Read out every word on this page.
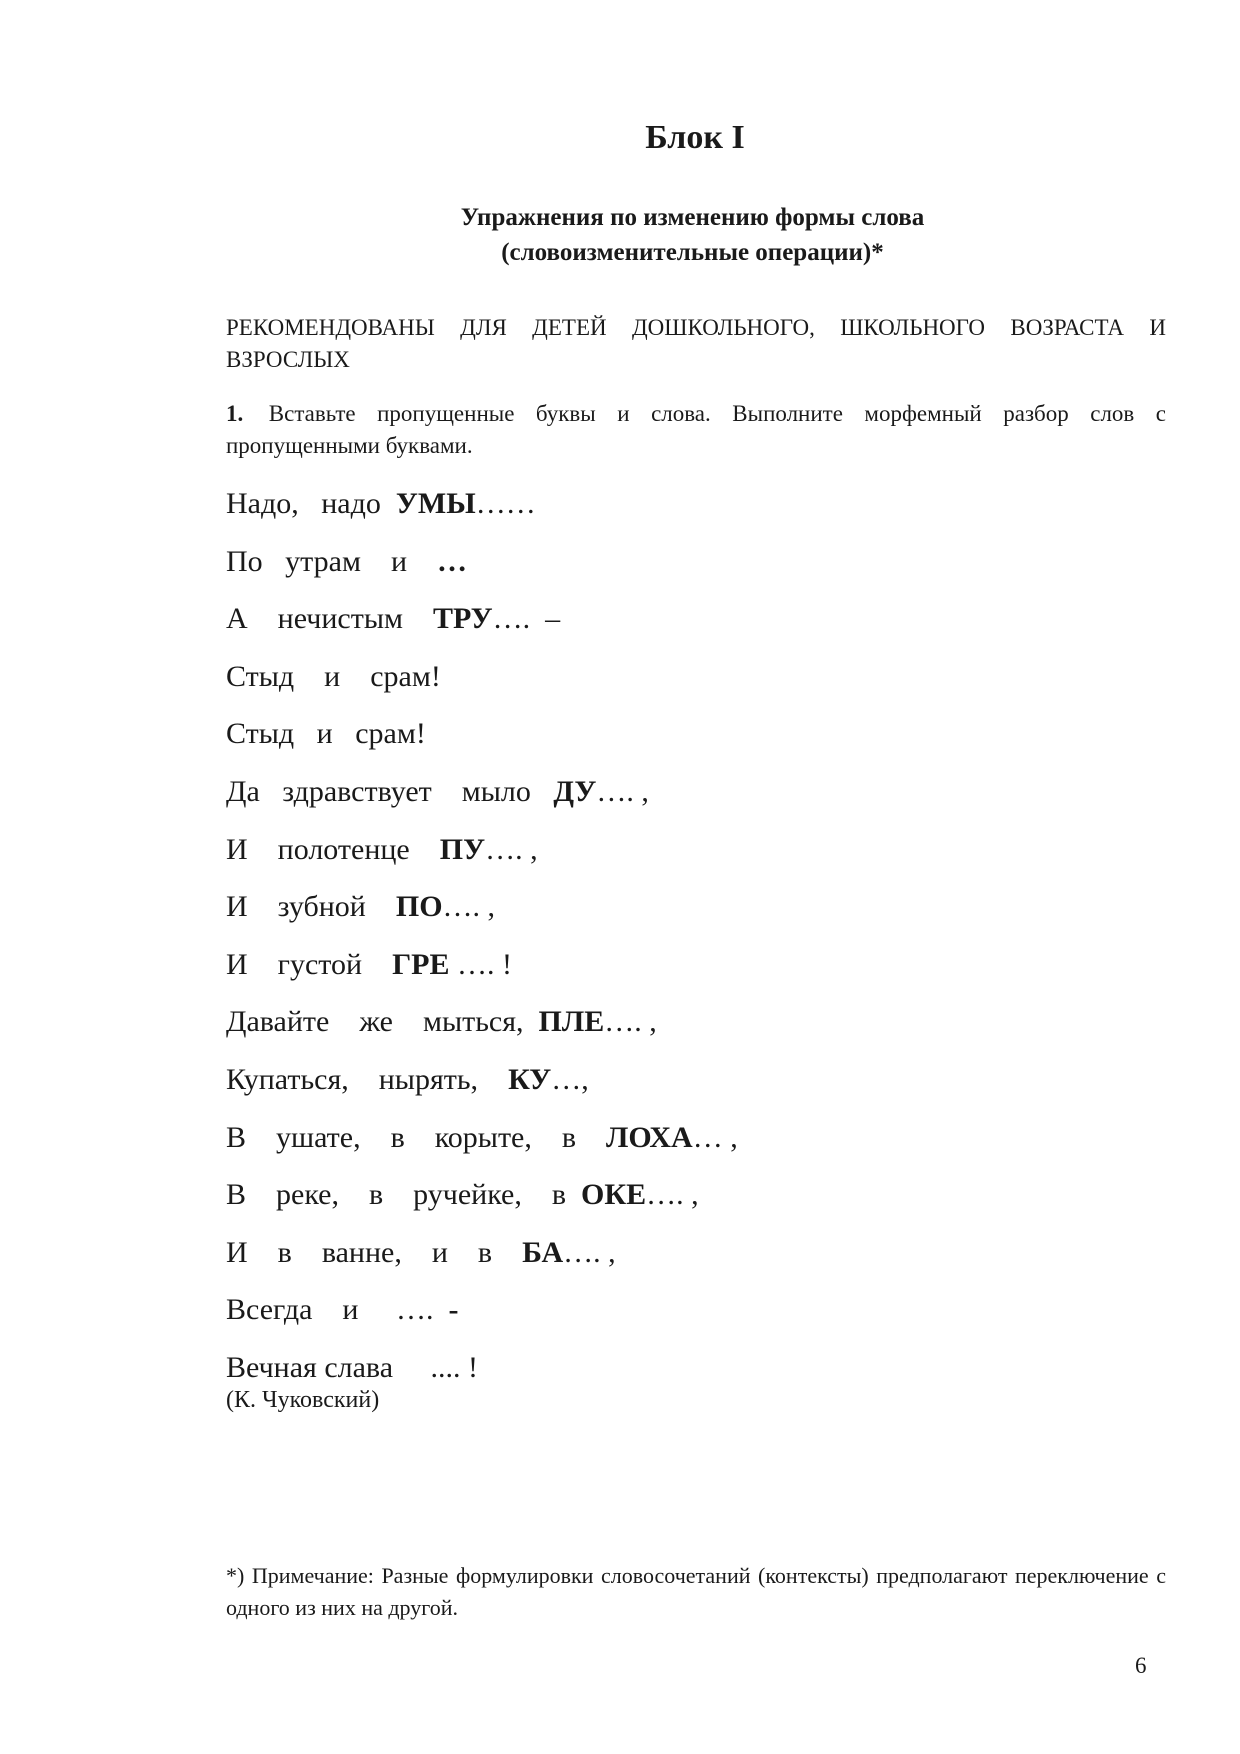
Блок I
Упражнения по изменению формы слова
(словоизменительные операции)*
РЕКОМЕНДОВАНЫ ДЛЯ ДЕТЕЙ ДОШКОЛЬНОГО, ШКОЛЬНОГО ВОЗРАСТА И ВЗРОСЛЫХ
1. Вставьте пропущенные буквы и слова. Выполните морфемный разбор слов с пропущенными буквами.
Надо,   надо  УМЫ……
По   утрам    и    …
А    нечистым    ТРУ….  –
Стыд    и    срам!
Стыд   и   срам!
Да   здравствует    мыло   ДУ…. ,
И    полотенце    ПУ…. ,
И    зубной    ПО…. ,
И    густой    ГРЕ …. !
Давайте    же    мыться,  ПЛЕ…. ,
Купаться,    нырять,    КУ…,
В    ушате,    в    корыте,    в    ЛОХА… ,
В    реке,    в    ручейке,    в  ОКЕ…. ,
И    в    ванне,    и    в    БА…. ,
Всегда    и     ….  -
Вечная слава     .... !
(К. Чуковский)
*) Примечание: Разные формулировки словосочетаний (контексты) предполагают переключение с одного из них на другой.
6
